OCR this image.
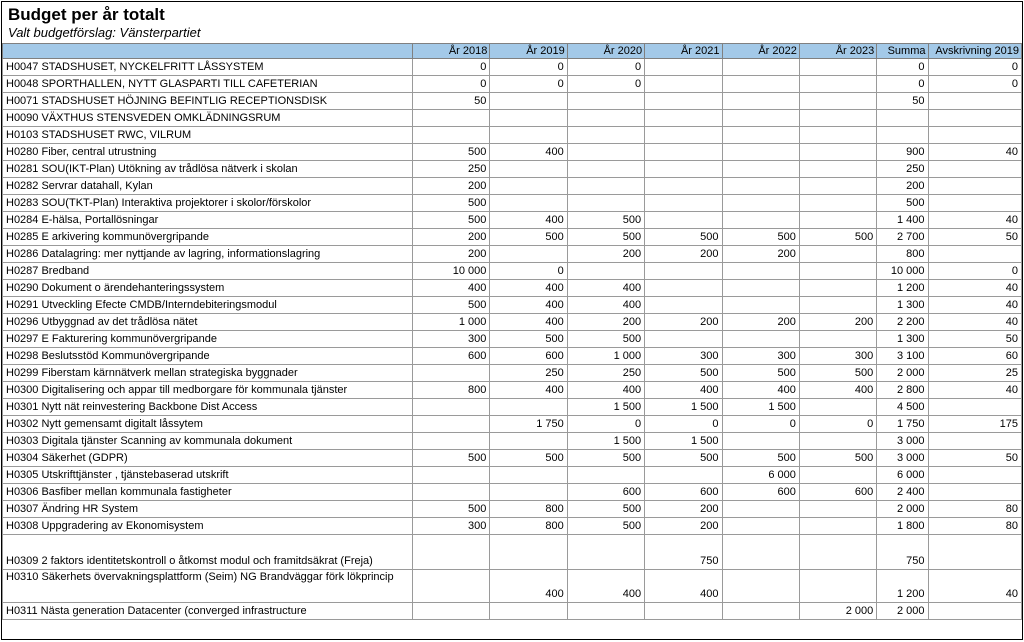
Budget per år totalt
Valt budgetförslag: Vänsterpartiet
	År 2018	År 2019	År 2020	År 2021	År 2022	År 2023	Summa	Avskrivning 2019
H0047 STADSHUSET, NYCKELFRITT LÅSSYSTEM	0	0	0				0	0
H0048 SPORTHALLEN, NYTT GLASPARTI TILL CAFETERIAN	0	0	0				0	0
H0071 STADSHUSET HÖJNING BEFINTLIG RECEPTIONSDISK	50						50	
H0090 VÄXTHUS STENSVEDEN OMKLÄDNINGSRUM								
H0103 STADSHUSET RWC, VILRUM								
H0280 Fiber, central utrustning	500	400					900	40
H0281 SOU(IKT-Plan) Utökning av trådlösa nätverk i skolan	250						250	
H0282 Servrar datahall, Kylan	200						200	
H0283 SOU(TKT-Plan) Interaktiva projektorer i skolor/förskolor	500						500	
H0284 E-hälsa, Portallösningar	500	400	500				1 400	40
H0285 E arkivering kommunövergripande	200	500	500	500	500	500	2 700	50
H0286 Datalagring: mer nyttjande av lagring, informationslagring	200		200	200	200		800	
H0287 Bredband	10 000	0					10 000	0
H0290 Dokument o ärendehanteringssystem	400	400	400				1 200	40
H0291 Utveckling Efecte CMDB/Interndebiteringsmodul	500	400	400				1 300	40
H0296 Utbyggnad av det trådlösa nätet	1 000	400	200	200	200	200	2 200	40
H0297 E Fakturering kommunövergripande	300	500	500				1 300	50
H0298 Beslutsstöd Kommunövergripande	600	600	1 000	300	300	300	3 100	60
H0299 Fiberstam kärnnätverk mellan strategiska byggnader		250	250	500	500	500	2 000	25
H0300 Digitalisering och appar till medborgare för kommunala tjänster	800	400	400	400	400	400	2 800	40
H0301 Nytt nät reinvestering Backbone Dist Access			1 500	1 500	1 500		4 500	
H0302 Nytt gemensamt digitalt låssytem		1 750	0	0	0	0	1 750	175
H0303 Digitala tjänster Scanning av kommunala dokument			1 500	1 500			3 000	
H0304 Säkerhet (GDPR)	500	500	500	500	500	500	3 000	50
H0305 Utskrifttjänster , tjänstebaserad utskrift					6 000		6 000	
H0306 Basfiber mellan kommunala fastigheter			600	600	600	600	2 400	
H0307 Ändring HR System	500	800	500	200			2 000	80
H0308 Uppgradering av Ekonomisystem	300	800	500	200			1 800	80
H0309 2 faktors identitetskontroll o åtkomst modul och framitdsäkrat (Freja)				750			750	
H0310 Säkerhets övervakningsplattform (Seim) NG Brandväggar förk lökprincip		400	400	400			1 200	40
H0311 Nästa generation Datacenter (converged infrastructure						2 000	2 000	
